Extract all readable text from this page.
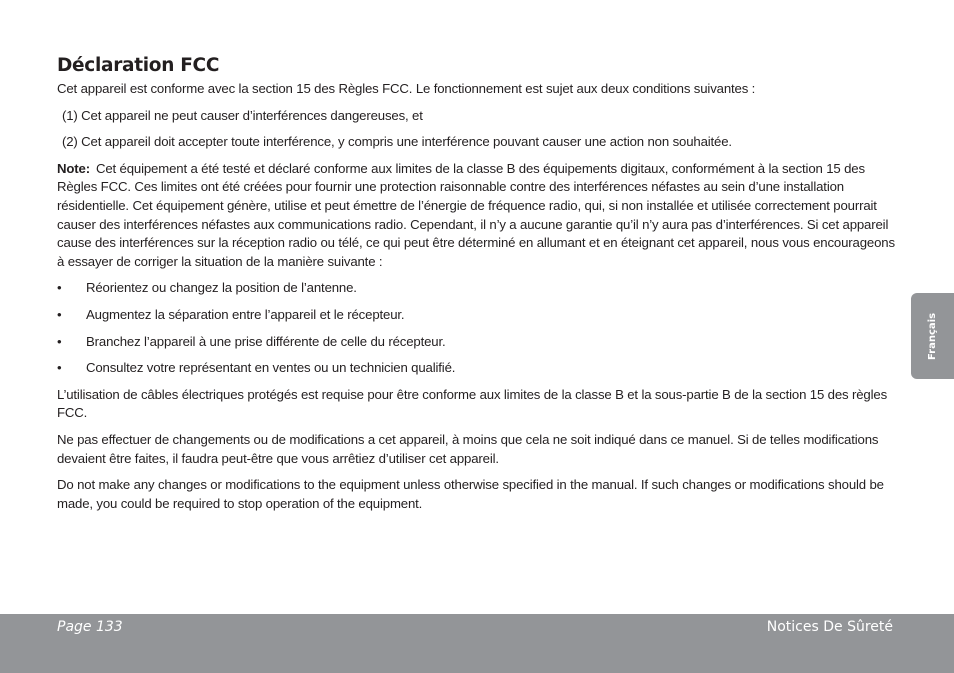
Déclaration FCC

Cet appareil est conforme avec la section 15 des Règles FCC. Le fonctionnement est sujet aux deux conditions suivantes :

(1) Cet appareil ne peut causer d’interférences dangereuses, et

(2) Cet appareil doit accepter toute interférence, y compris une interférence pouvant causer une action non souhaitée.

Note: Cet équipement a été testé et déclaré conforme aux limites de la classe B des équipements digitaux, conformément à la section 15 des Règles FCC. Ces limites ont été créées pour fournir une protection raisonnable contre des interférences néfastes au sein d’une installation résidentielle. Cet équipement génère, utilise et peut émettre de l’énergie de fréquence radio, qui, si non installée et utilisée correctement pourrait causer des interférences néfastes aux communications radio. Cependant, il n’y a aucune garantie qu’il n’y aura pas d’interférences. Si cet appareil cause des interférences sur la réception radio ou télé, ce qui peut être déterminé en allumant et en éteignant cet appareil, nous vous encourageons à essayer de corriger la situation de la manière suivante :

• Réorientez ou changez la position de l’antenne.
• Augmentez la séparation entre l’appareil et le récepteur.
• Branchez l’appareil à une prise différente de celle du récepteur.
• Consultez votre représentant en ventes ou un technicien qualifié.

L’utilisation de câbles électriques protégés est requise pour être conforme aux limites de la classe B et la sous-partie B de la section 15 des règles FCC.

Ne pas effectuer de changements ou de modifications a cet appareil, à moins que cela ne soit indiqué dans ce manuel. Si de telles modifications devaient être faites, il faudra peut-être que vous arrêtiez d’utiliser cet appareil.

Do not make any changes or modifications to the equipment unless otherwise specified in the manual. If such changes or modifications should be made, you could be required to stop operation of the equipment.

Français
Page 133	Notices De Sûreté
